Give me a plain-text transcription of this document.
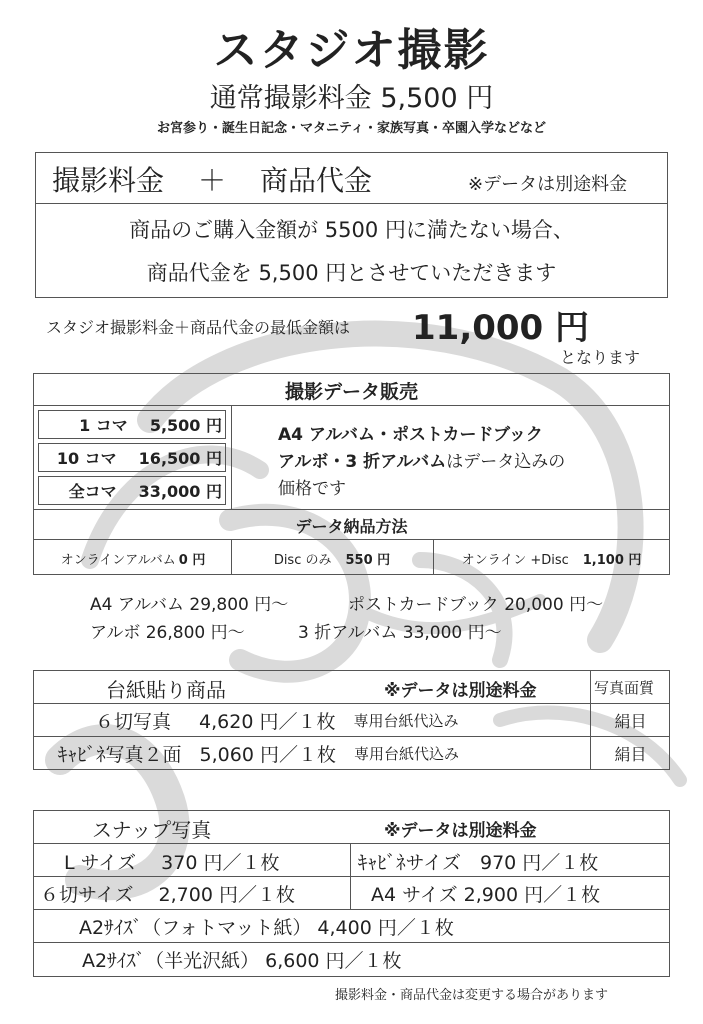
スタジオ撮影
通常撮影料金 5,500 円
お宮参り・誕生日記念・マタニティ・家族写真・卒園入学などなど
撮影料金 ＋ 商品代金	※データは別途料金
商品のご購入金額が 5500 円に満たない場合、
商品代金を 5,500 円とさせていただきます
スタジオ撮影料金＋商品代金の最低金額は 11,000 円
となります
撮影データ販売
1 コマ 5,500 円
10 コマ 16,500 円
全コマ 33,000 円
A4 アルバム・ポストカードブック
アルボ・3 折アルバムはデータ込みの
価格です
データ納品方法
オンラインアルバム 0 円	Disc のみ 550 円	オンライン +Disc 1,100 円
A4 アルバム 29,800 円～	ポストカードブック 20,000 円～
アルボ 26,800 円～	3 折アルバム 33,000 円～
台紙貼り商品	※データは別途料金	写真面質
６切写真 4,620 円／１枚 専用台紙代込み	絹目
ｷｬﾋﾞﾈ写真２面 5,060 円／１枚 専用台紙代込み	絹目
スナップ写真	※データは別途料金
L サイズ　 370 円／１枚	ｷｬﾋﾞﾈサイズ　970 円／１枚
６切サイズ　 2,700 円／１枚	A4 サイズ 2,900 円／１枚
A2ｻｲｽﾞ（フォトマット紙） 4,400 円／１枚
A2ｻｲｽﾞ（半光沢紙） 6,600 円／１枚
撮影料金・商品代金は変更する場合があります
